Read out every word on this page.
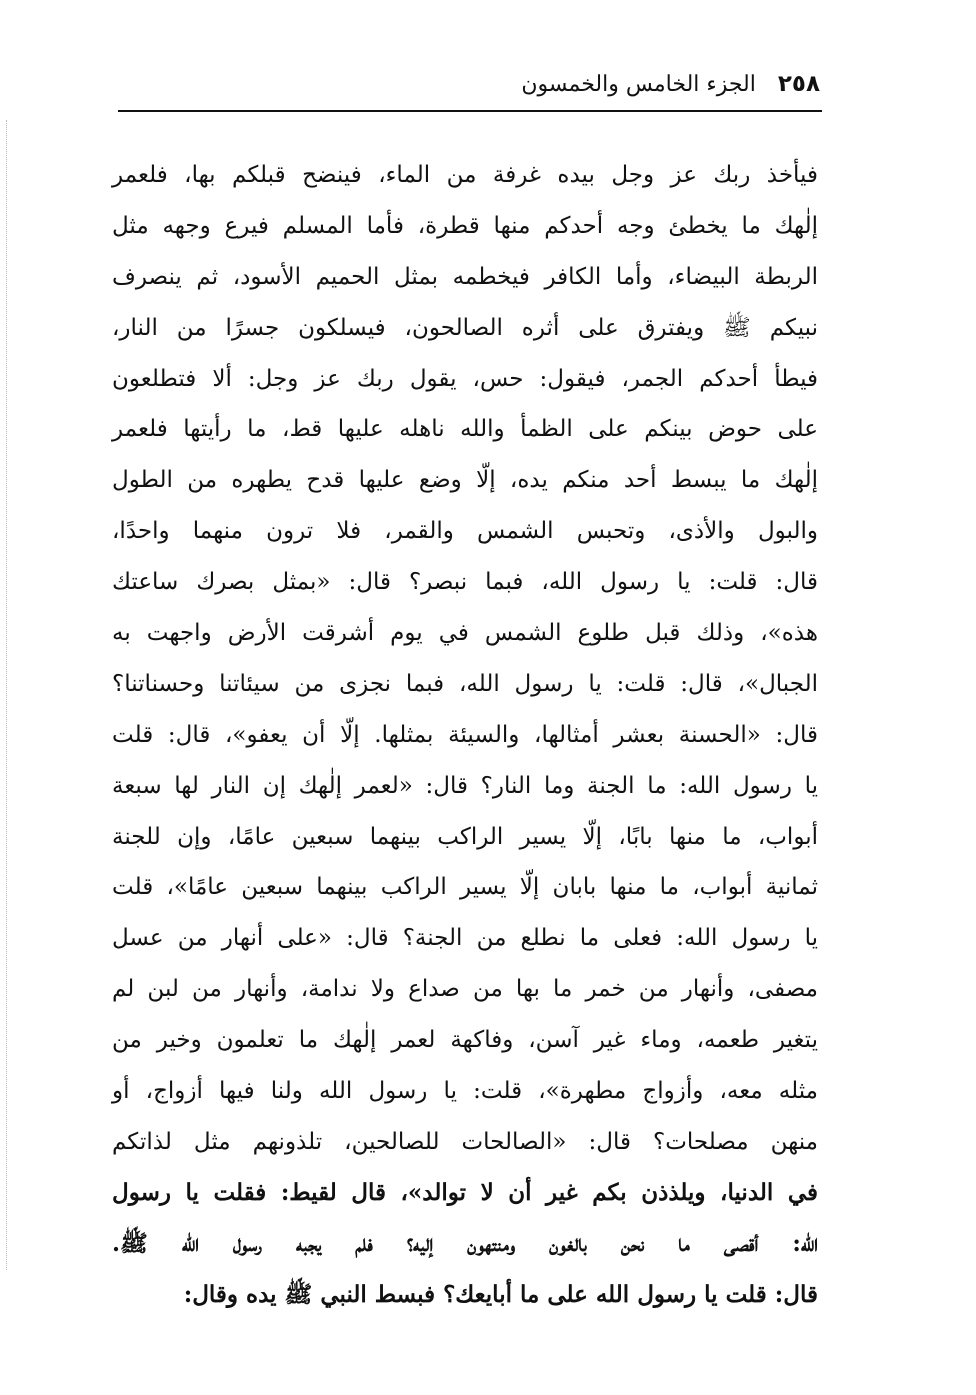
٢٥٨
الجزء الخامس والخمسون
فيأخذ ربك عز وجل بيده غرفة من الماء، فينضح قبلكم بها، فلعمر
إلٰهك ما يخطئ وجه أحدكم منها قطرة، فأما المسلم فيرع وجهه مثل
الربطة البيضاء، وأما الكافر فيخطمه بمثل الحميم الأسود، ثم ينصرف
نبيكم ﷺ ويفترق على أثره الصالحون، فيسلكون جسرًا من النار،
فيطأ أحدكم الجمر، فيقول: حس، يقول ربك عز وجل: ألا فتطلعون
على حوض بينكم على الظمأ والله ناهله عليها قط، ما رأيتها فلعمر
إلٰهك ما يبسط أحد منكم يده، إلّا وضع عليها قدح يطهره من الطول
والبول والأذى، وتحبس الشمس والقمر، فلا ترون منهما واحدًا،
قال: قلت: يا رسول الله، فبما نبصر؟ قال: «بمثل بصرك ساعتك
هذه»، وذلك قبل طلوع الشمس في يوم أشرقت الأرض واجهت به
الجبال»، قال: قلت: يا رسول الله، فبما نجزى من سيئاتنا وحسناتنا؟
قال: «الحسنة بعشر أمثالها، والسيئة بمثلها. إلّا أن يعفو»، قال: قلت
يا رسول الله: ما الجنة وما النار؟ قال: «لعمر إلٰهك إن النار لها سبعة
أبواب، ما منها بابًا، إلّا يسير الراكب بينهما سبعين عامًا، وإن للجنة
ثمانية أبواب، ما منها بابان إلّا يسير الراكب بينهما سبعين عامًا»، قلت
يا رسول الله: فعلى ما نطلع من الجنة؟ قال: «على أنهار من عسل
مصفى، وأنهار من خمر ما بها من صداع ولا ندامة، وأنهار من لبن لم
يتغير طعمه، وماء غير آسن، وفاكهة لعمر إلٰهك ما تعلمون وخير من
مثله معه، وأزواج مطهرة»، قلت: يا رسول الله ولنا فيها أزواج، أو
منهن مصلحات؟ قال: «الصالحات للصالحين، تلذونهم مثل لذاتكم
في الدنيا، ويلذذن بكم غير أن لا توالد»، قال لقيط: فقلت يا رسول
الله: أقصى ما نحن بالغون ومنتهون إليه؟ فلم يجبه رسول الله ﷺ.
قال: قلت يا رسول الله على ما أبايعك؟ فبسط النبي ﷺ يده وقال:
